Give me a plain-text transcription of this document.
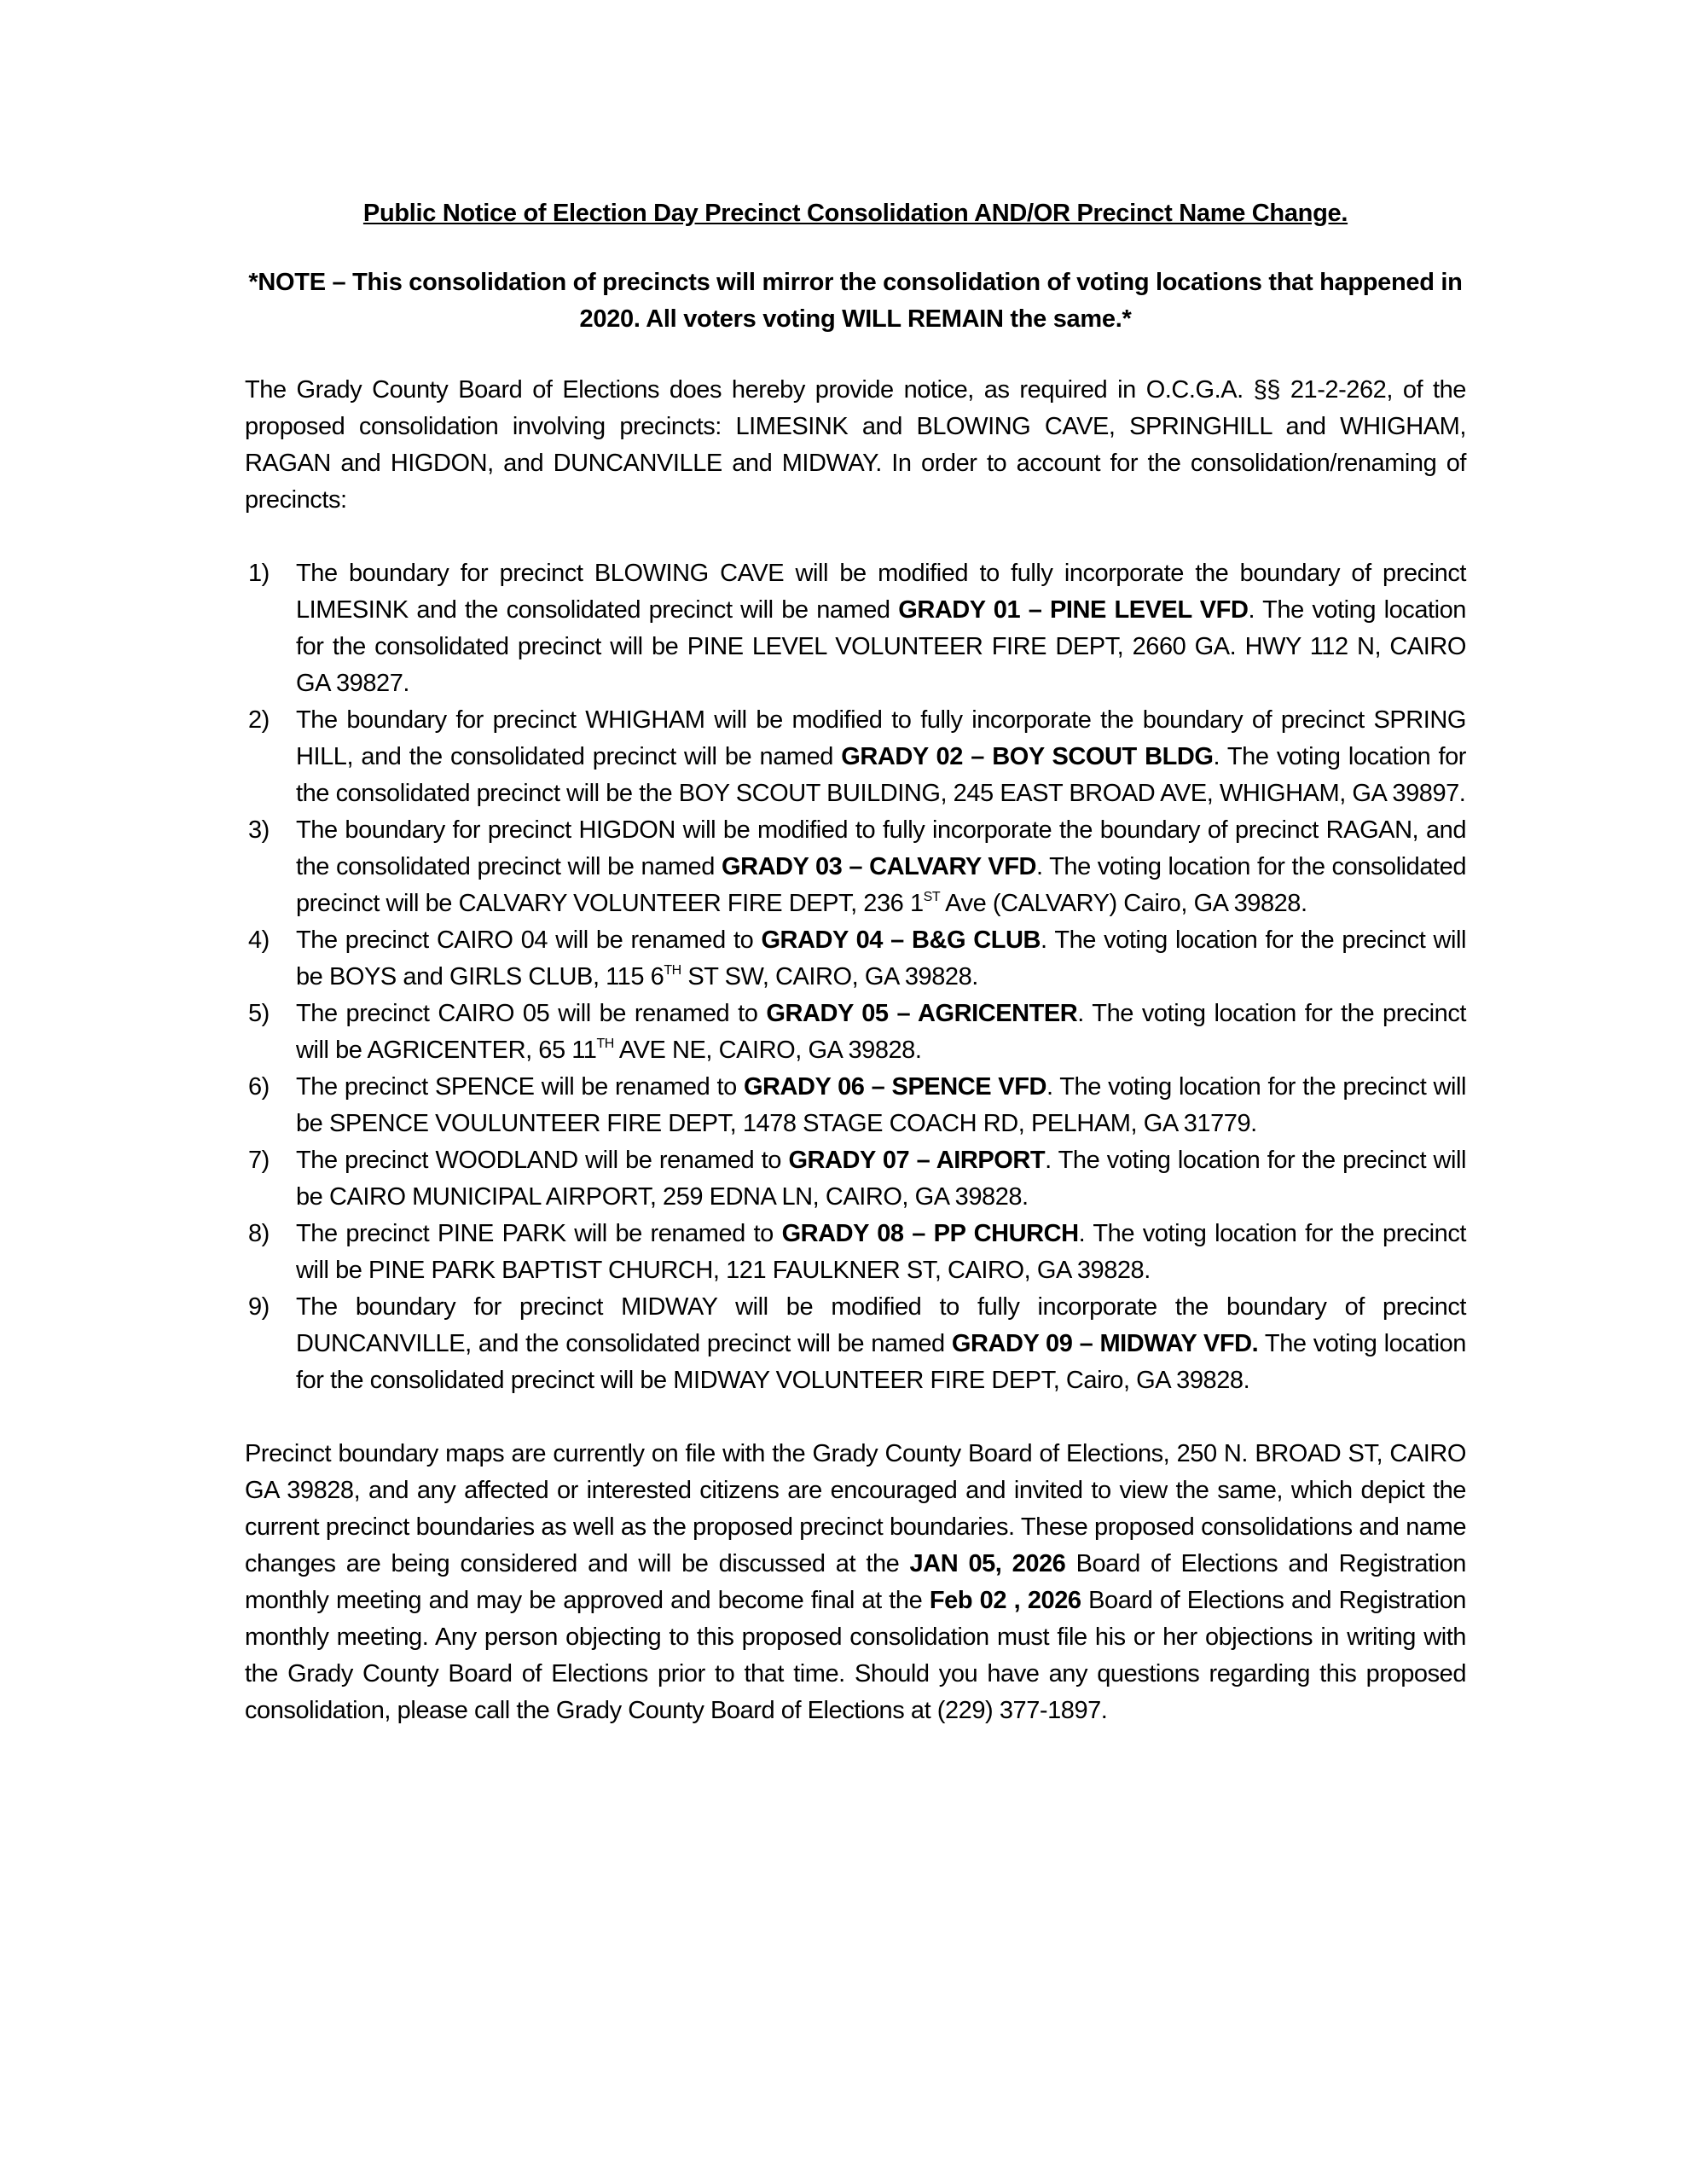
Public Notice of Election Day Precinct Consolidation AND/OR Precinct Name Change.

*NOTE – This consolidation of precincts will mirror the consolidation of voting locations that happened in 2020. All voters voting WILL REMAIN the same.*

The Grady County Board of Elections does hereby provide notice, as required in O.C.G.A. §§ 21-2-262, of the proposed consolidation involving precincts: LIMESINK and BLOWING CAVE, SPRINGHILL and WHIGHAM, RAGAN and HIGDON, and DUNCANVILLE and MIDWAY. In order to account for the consolidation/renaming of precincts:

1) The boundary for precinct BLOWING CAVE will be modified to fully incorporate the boundary of precinct LIMESINK and the consolidated precinct will be named GRADY 01 – PINE LEVEL VFD. The voting location for the consolidated precinct will be PINE LEVEL VOLUNTEER FIRE DEPT, 2660 GA. HWY 112 N, CAIRO GA 39827.
2) The boundary for precinct WHIGHAM will be modified to fully incorporate the boundary of precinct SPRING HILL, and the consolidated precinct will be named GRADY 02 – BOY SCOUT BLDG. The voting location for the consolidated precinct will be the BOY SCOUT BUILDING, 245 EAST BROAD AVE, WHIGHAM, GA 39897.
3) The boundary for precinct HIGDON will be modified to fully incorporate the boundary of precinct RAGAN, and the consolidated precinct will be named GRADY 03 – CALVARY VFD. The voting location for the consolidated precinct will be CALVARY VOLUNTEER FIRE DEPT, 236 1ST Ave (CALVARY) Cairo, GA 39828.
4) The precinct CAIRO 04 will be renamed to GRADY 04 – B&G CLUB. The voting location for the precinct will be BOYS and GIRLS CLUB, 115 6TH ST SW, CAIRO, GA 39828.
5) The precinct CAIRO 05 will be renamed to GRADY 05 – AGRICENTER. The voting location for the precinct will be AGRICENTER, 65 11TH AVE NE, CAIRO, GA 39828.
6) The precinct SPENCE will be renamed to GRADY 06 – SPENCE VFD. The voting location for the precinct will be SPENCE VOULUNTEER FIRE DEPT, 1478 STAGE COACH RD, PELHAM, GA 31779.
7) The precinct WOODLAND will be renamed to GRADY 07 – AIRPORT. The voting location for the precinct will be CAIRO MUNICIPAL AIRPORT, 259 EDNA LN, CAIRO, GA 39828.
8) The precinct PINE PARK will be renamed to GRADY 08 – PP CHURCH. The voting location for the precinct will be PINE PARK BAPTIST CHURCH, 121 FAULKNER ST, CAIRO, GA 39828.
9) The boundary for precinct MIDWAY will be modified to fully incorporate the boundary of precinct DUNCANVILLE, and the consolidated precinct will be named GRADY 09 – MIDWAY VFD. The voting location for the consolidated precinct will be MIDWAY VOLUNTEER FIRE DEPT, Cairo, GA 39828.

Precinct boundary maps are currently on file with the Grady County Board of Elections, 250 N. BROAD ST, CAIRO GA 39828, and any affected or interested citizens are encouraged and invited to view the same, which depict the current precinct boundaries as well as the proposed precinct boundaries. These proposed consolidations and name changes are being considered and will be discussed at the JAN 05, 2026 Board of Elections and Registration monthly meeting and may be approved and become final at the Feb 02 , 2026 Board of Elections and Registration monthly meeting. Any person objecting to this proposed consolidation must file his or her objections in writing with the Grady County Board of Elections prior to that time. Should you have any questions regarding this proposed consolidation, please call the Grady County Board of Elections at (229) 377-1897.
